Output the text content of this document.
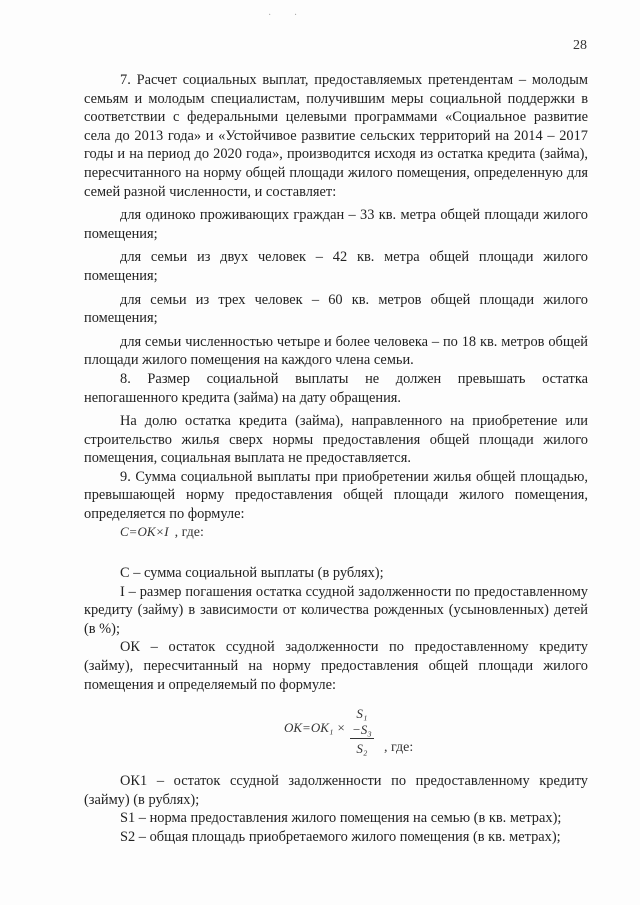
· ·
28

7. Расчет социальных выплат, предоставляемых претендентам – молодым семьям и молодым специалистам, получившим меры социальной поддержки в соответствии с федеральными целевыми программами «Социальное развитие села до 2013 года» и «Устойчивое развитие сельских территорий на 2014 – 2017 годы и на период до 2020 года», производится исходя из остатка кредита (займа), пересчитанного на норму общей площади жилого помещения, определенную для семей разной численности, и составляет:

для одиноко проживающих граждан – 33 кв. метра общей площади жилого помещения;

для семьи из двух человек – 42 кв. метра общей площади жилого помещения;

для семьи из трех человек – 60 кв. метров общей площади жилого помещения;

для семьи численностью четыре и более человека – по 18 кв. метров общей площади жилого помещения на каждого члена семьи.

8. Размер социальной выплаты не должен превышать остатка непогашенного кредита (займа) на дату обращения.

На долю остатка кредита (займа), направленного на приобретение или строительство жилья сверх нормы предоставления общей площади жилого помещения, социальная выплата не предоставляется.

9. Сумма социальной выплаты при приобретении жилья общей площадью, превышающей норму предоставления общей площади жилого помещения, определяется по формуле:

C=OK×I , где:

С – сумма социальной выплаты (в рублях);

I – размер погашения остатка ссудной задолженности по предоставленному кредиту (займу) в зависимости от количества рожденных (усыновленных) детей (в %);

ОК – остаток ссудной задолженности по предоставленному кредиту (займу), пересчитанный на норму предоставления общей площади жилого помещения и определяемый по формуле:

$OK=OK_1 \times \frac{\text{S₁ −S₃}}{\text{S₂}}$ , где:

ОК1 – остаток ссудной задолженности по предоставленному кредиту (займу) (в рублях);

S1 – норма предоставления жилого помещения на семью (в кв. метрах);

S2 – общая площадь приобретаемого жилого помещения (в кв. метрах);
